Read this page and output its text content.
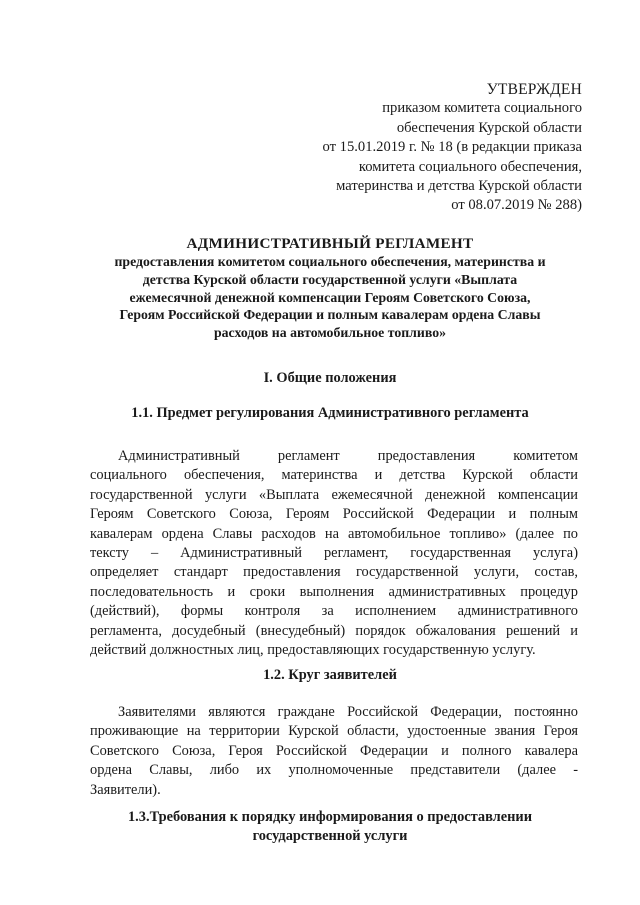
УТВЕРЖДЕН
приказом комитета социального
обеспечения Курской области
от 15.01.2019 г. № 18 (в редакции приказа
комитета социального обеспечения,
материнства и детства Курской области
от 08.07.2019 № 288)
АДМИНИСТРАТИВНЫЙ РЕГЛАМЕНТ
предоставления комитетом социального обеспечения, материнства и
детства Курской области государственной услуги «Выплата
ежемесячной денежной компенсации Героям Советского Союза,
Героям Российской Федерации и полным кавалерам ордена Славы
расходов на автомобильное топливо»
I. Общие положения
1.1. Предмет регулирования Административного регламента
Административный регламент предоставления комитетом
социального обеспечения, материнства и детства Курской области
государственной услуги «Выплата ежемесячной денежной компенсации
Героям Советского Союза, Героям Российской Федерации и полным
кавалерам ордена Славы расходов на автомобильное топливо» (далее по
тексту – Административный регламент, государственная услуга)
определяет стандарт предоставления государственной услуги, состав,
последовательность и сроки выполнения административных процедур
(действий), формы контроля за исполнением административного
регламента, досудебный (внесудебный) порядок обжалования решений и
действий должностных лиц, предоставляющих государственную услугу.
1.2. Круг заявителей
Заявителями являются граждане Российской Федерации, постоянно
проживающие на территории Курской области, удостоенные звания Героя
Советского Союза, Героя Российской Федерации и полного кавалера
ордена Славы, либо их уполномоченные представители (далее -
Заявители).
1.3.Требования к порядку информирования о предоставлении
государственной услуги
